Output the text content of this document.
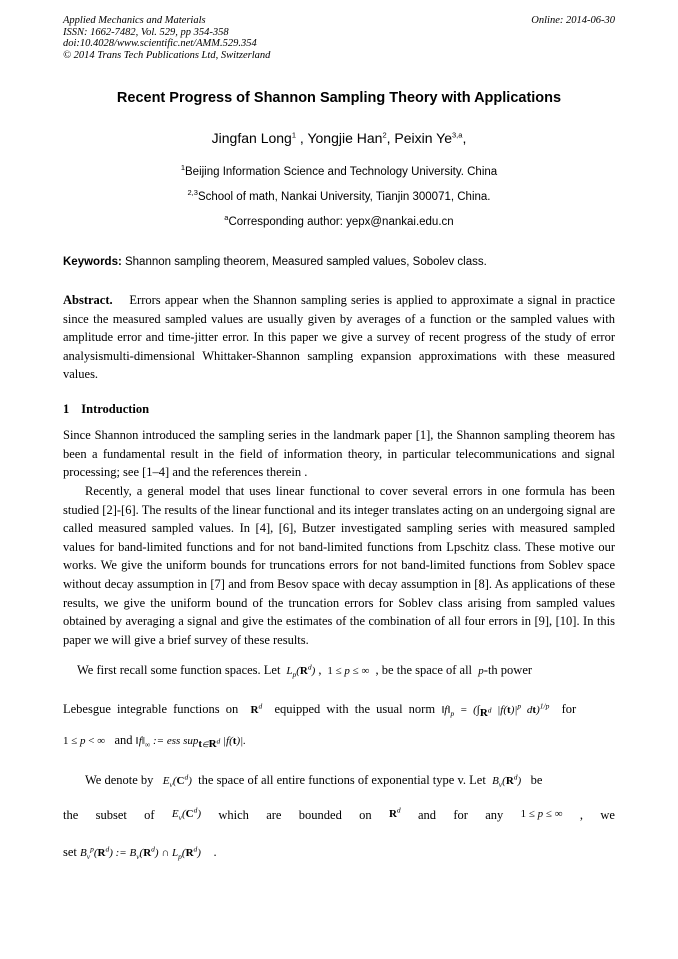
Applied Mechanics and Materials
ISSN: 1662-7482, Vol. 529, pp 354-358
doi:10.4028/www.scientific.net/AMM.529.354
© 2014 Trans Tech Publications Ltd, Switzerland
Online: 2014-06-30
Recent Progress of Shannon Sampling Theory with Applications
Jingfan Long$^1$ , Yongjie Han$^2$, Peixin Ye$^{3,a}$,
$^1$Beijing Information Science and Technology University. China
$^{2,3}$School of math, Nankai University, Tianjin 300071, China.
$^a$Corresponding author: yepx@nankai.edu.cn
Keywords: Shannon sampling theorem, Measured sampled values, Sobolev class.
Abstract. Errors appear when the Shannon sampling series is applied to approximate a signal in practice since the measured sampled values are usually given by averages of a function or the sampled values with amplitude error and time-jitter error. In this paper we give a survey of recent progress of the study of error analysismulti-dimensional Whittaker-Shannon sampling expansion approximations with these measured values.
1 Introduction
Since Shannon introduced the sampling series in the landmark paper [1], the Shannon sampling theorem has been a fundamental result in the field of information theory, in particular telecommunications and signal processing; see [1–4] and the references therein .
Recently, a general model that uses linear functional to cover several errors in one formula has been studied [2]-[6]. The results of the linear functional and its integer translates acting on an undergoing signal are called measured sampled values. In [4], [6], Butzer investigated sampling series with measured sampled values for band-limited functions and for not band-limited functions from Lpschitz class. These motive our works. We give the uniform bounds for truncations errors for not band-limited functions from Soblev space without decay assumption in [7] and from Besov space with decay assumption in [8]. As applications of these results, we give the uniform bound of the truncation errors for Soblev class arising from sampled values obtained by averaging a signal and give the estimates of the combination of all four errors in [9], [10]. In this paper we will give a brief survey of these results.
We first recall some function spaces. Let  $L_p(R^d)$ ,  1 ≤ p ≤ ∞ , be the space of all p-th power
Lebesgue integrable functions on $R^d$ equipped with the usual norm $‖f‖_p = (\int_{R^d}$ $|f(t)|^p$ dt)$^{1/p}$ for
1 ≤ p < ∞ and $‖f‖_\infty$ := ess sup$_{t\in R^d}$ |f(t)|.
We denote by $E_v(C^d)$ the space of all entire functions of exponential type v. Let $B_v(R^d)$ be
the subset of $E_v(C^d)$ which are bounded on $R^d$ and for any 1 ≤ p ≤ ∞ , we
set $B_v^p(R^d)$ := $B_v(R^d)$ ∩ $L_p(R^d)$ .
